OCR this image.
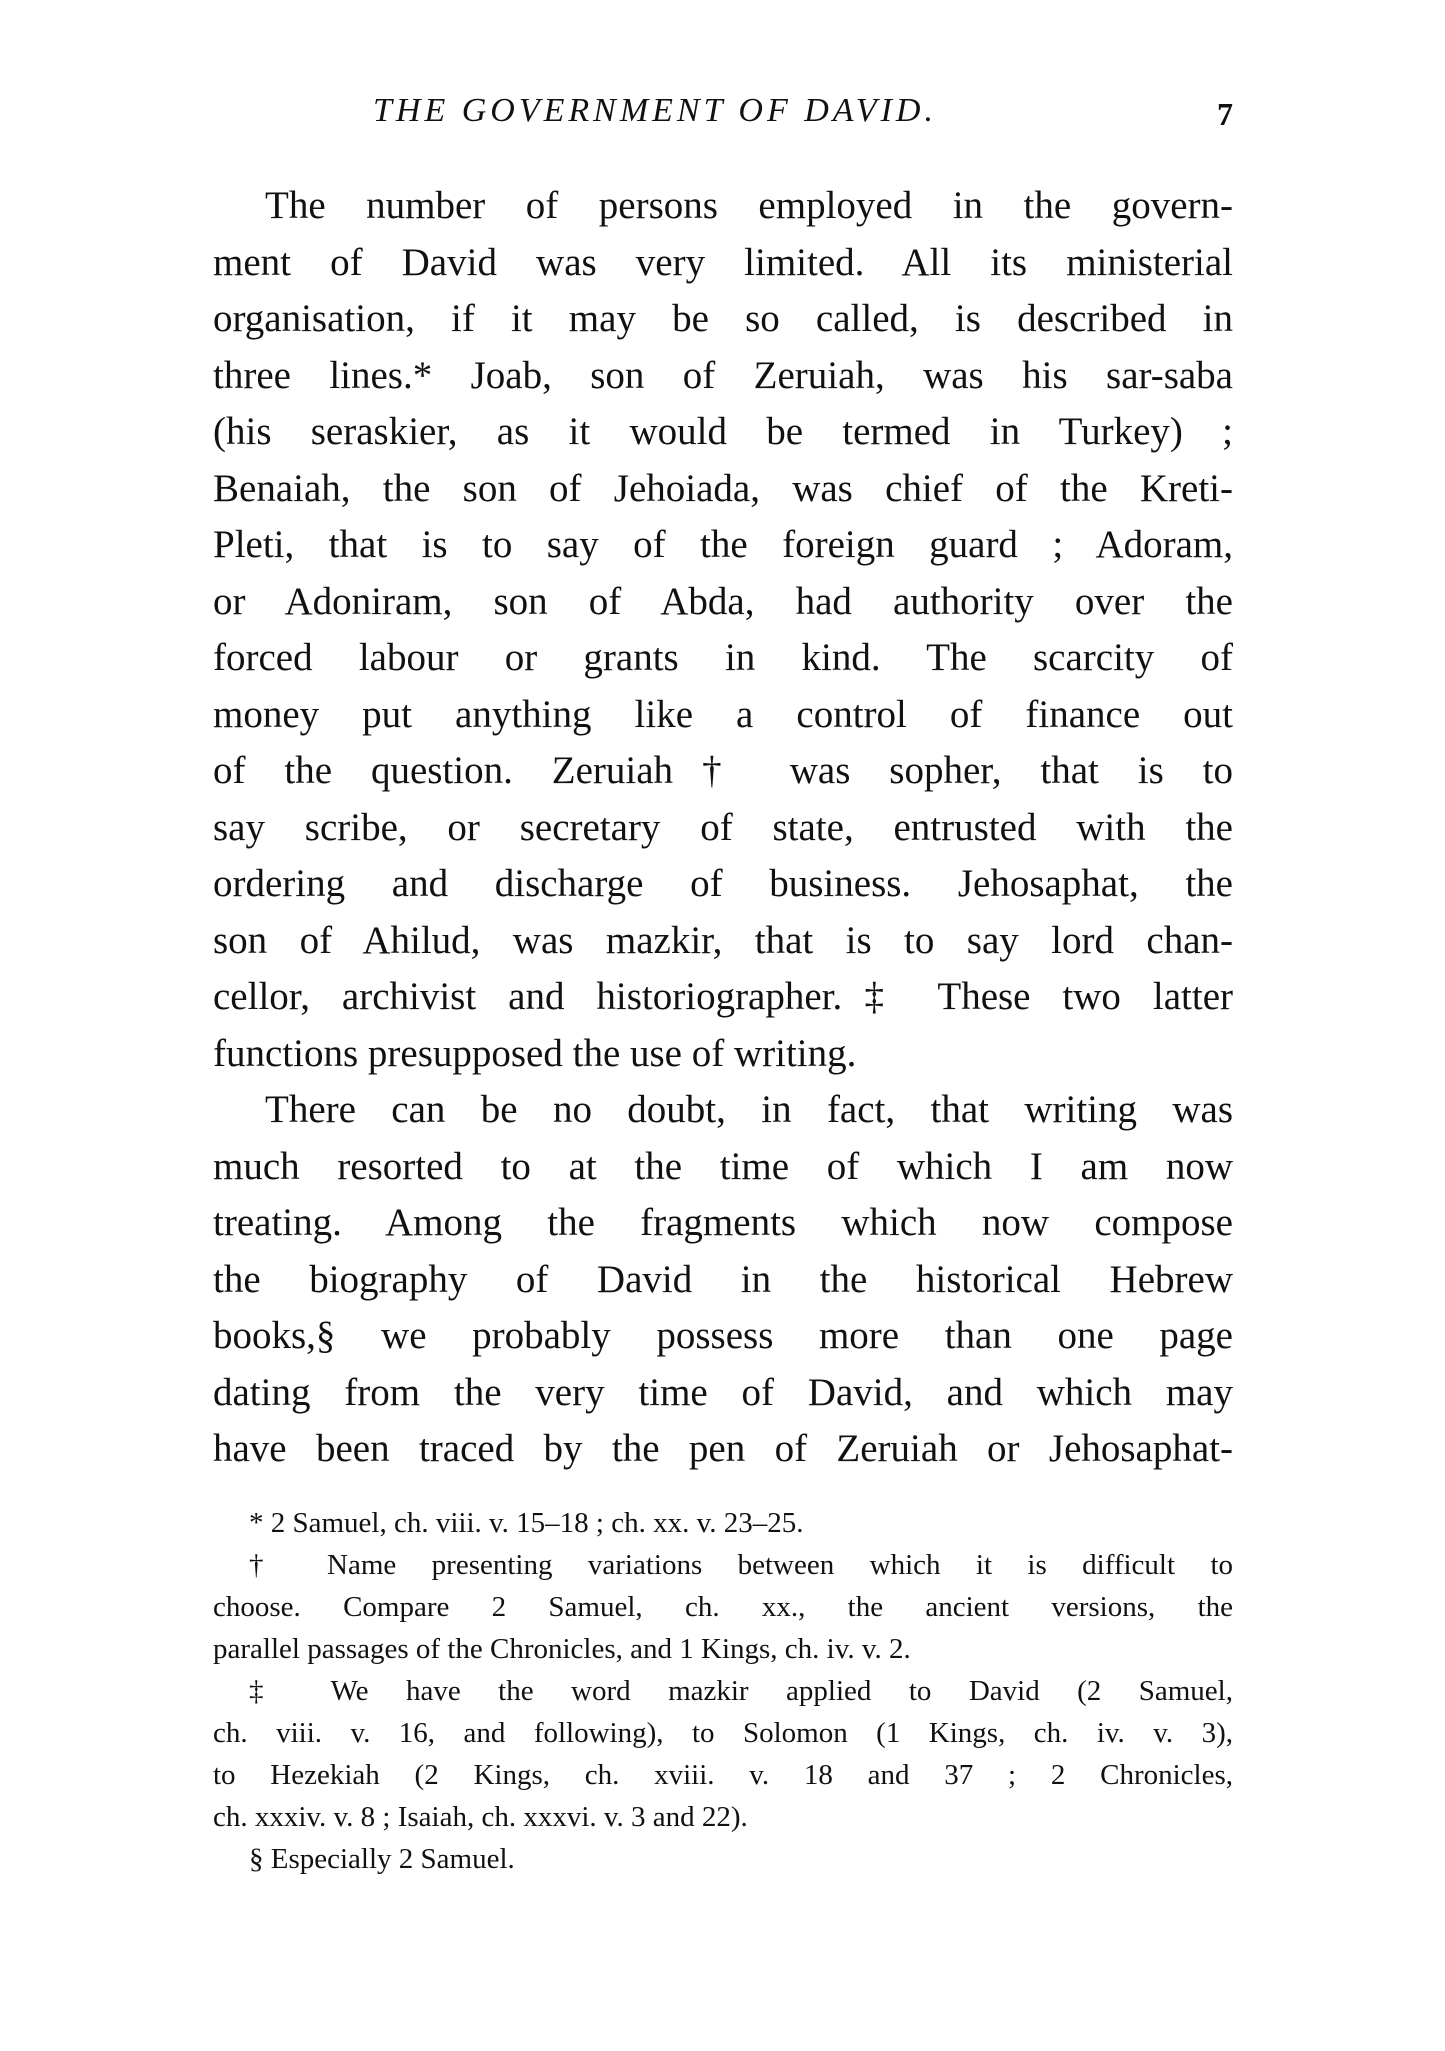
THE GOVERNMENT OF DAVID.	7
The number of persons employed in the govern-
ment of David was very limited. All its ministerial
organisation, if it may be so called, is described in
three lines.* Joab, son of Zeruiah, was his sar-saba
(his seraskier, as it would be termed in Turkey) ;
Benaiah, the son of Jehoiada, was chief of the Kreti-
Pleti, that is to say of the foreign guard ; Adoram,
or Adoniram, son of Abda, had authority over the
forced labour or grants in kind. The scarcity of
money put anything like a control of finance out
of the question. Zeruiah† was sopher, that is to
say scribe, or secretary of state, entrusted with the
ordering and discharge of business. Jehosaphat, the
son of Ahilud, was mazkir, that is to say lord chan-
cellor, archivist and historiographer.‡ These two latter
functions presupposed the use of writing.
There can be no doubt, in fact, that writing was
much resorted to at the time of which I am now
treating. Among the fragments which now compose
the biography of David in the historical Hebrew
books,§ we probably possess more than one page
dating from the very time of David, and which may
have been traced by the pen of Zeruiah or Jehosaphat-
* 2 Samuel, ch. viii. v. 15–18 ; ch. xx. v. 23–25.
† Name presenting variations between which it is difficult to
choose. Compare 2 Samuel, ch. xx., the ancient versions, the
parallel passages of the Chronicles, and 1 Kings, ch. iv. v. 2.
‡ We have the word mazkir applied to David (2 Samuel,
ch. viii. v. 16, and following), to Solomon (1 Kings, ch. iv. v. 3),
to Hezekiah (2 Kings, ch. xviii. v. 18 and 37 ; 2 Chronicles,
ch. xxxiv. v. 8 ; Isaiah, ch. xxxvi. v. 3 and 22).
§ Especially 2 Samuel.
